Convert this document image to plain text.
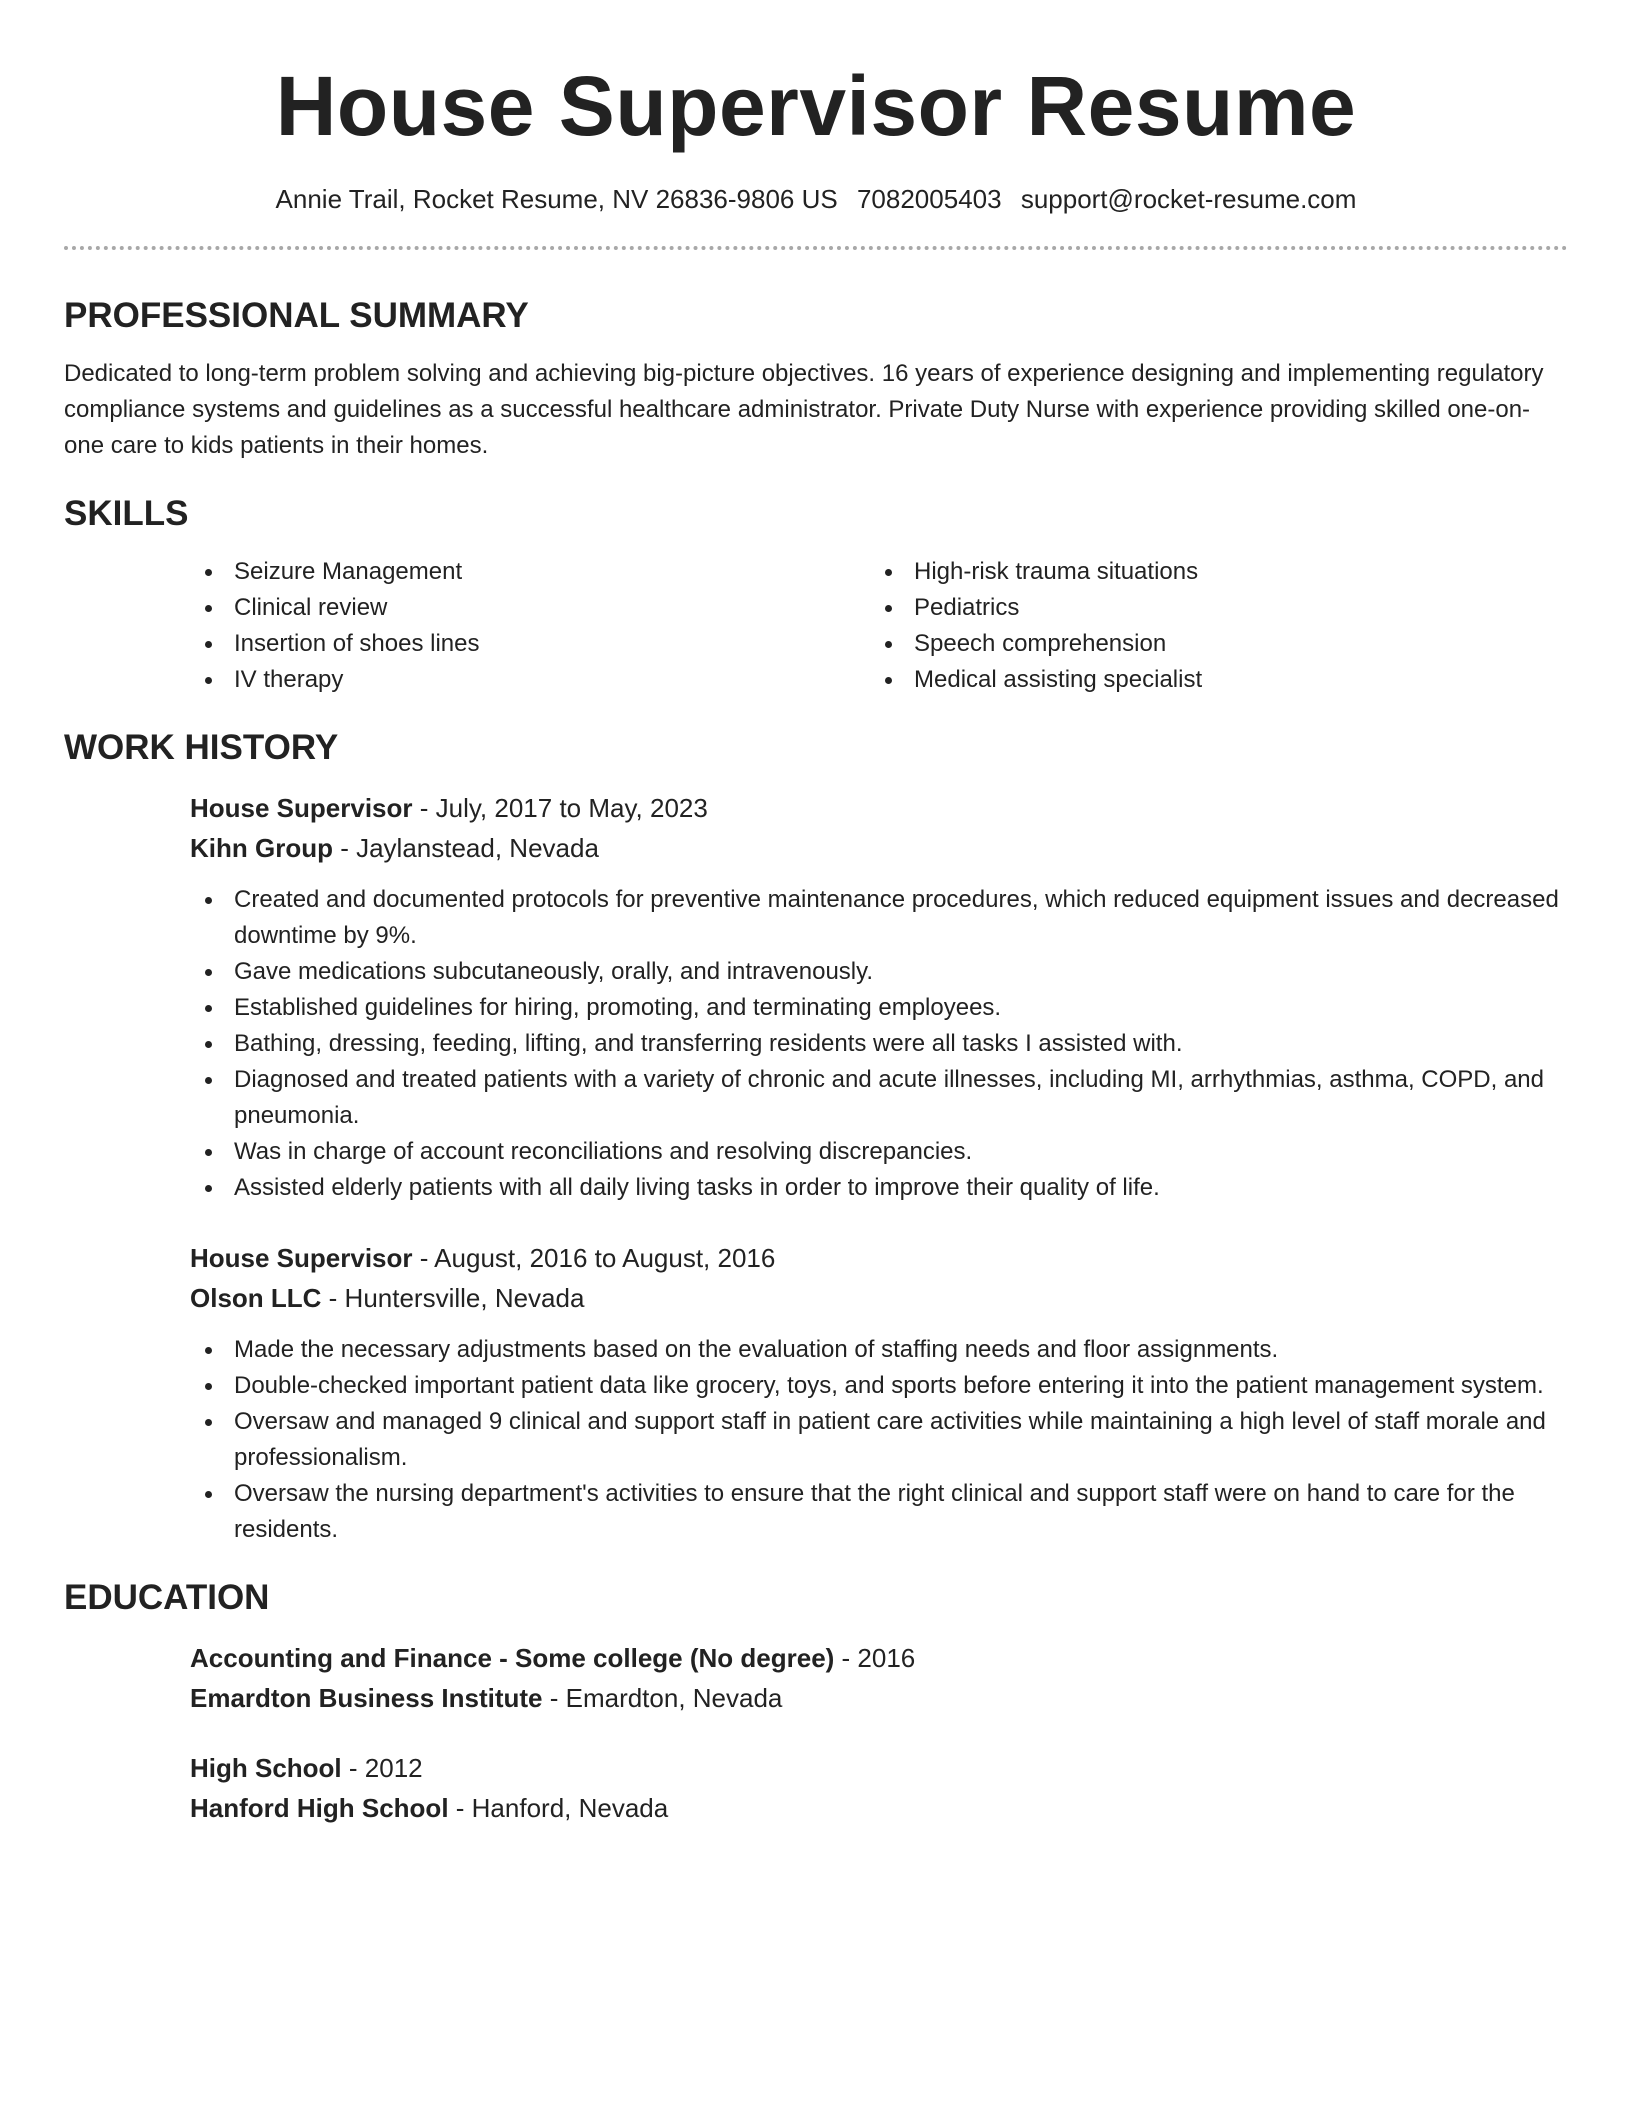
House Supervisor Resume
Annie Trail, Rocket Resume, NV 26836-9806 US 7082005403 support@rocket-resume.com
PROFESSIONAL SUMMARY

Dedicated to long-term problem solving and achieving big-picture objectives. 16 years of experience designing and implementing regulatory compliance systems and guidelines as a successful healthcare administrator. Private Duty Nurse with experience providing skilled one-on-one care to kids patients in their homes.

SKILLS
Seizure Management
Clinical review
Insertion of shoes lines
IV therapy
High-risk trauma situations
Pediatrics
Speech comprehension
Medical assisting specialist
WORK HISTORY
House Supervisor - July, 2017 to May, 2023
Kihn Group - Jaylanstead, Nevada
Created and documented protocols for preventive maintenance procedures, which reduced equipment issues and decreased downtime by 9%.
Gave medications subcutaneously, orally, and intravenously.
Established guidelines for hiring, promoting, and terminating employees.
Bathing, dressing, feeding, lifting, and transferring residents were all tasks I assisted with.
Diagnosed and treated patients with a variety of chronic and acute illnesses, including MI, arrhythmias, asthma, COPD, and pneumonia.
Was in charge of account reconciliations and resolving discrepancies.
Assisted elderly patients with all daily living tasks in order to improve their quality of life.
House Supervisor - August, 2016 to August, 2016
Olson LLC - Huntersville, Nevada
Made the necessary adjustments based on the evaluation of staffing needs and floor assignments.
Double-checked important patient data like grocery, toys, and sports before entering it into the patient management system.
Oversaw and managed 9 clinical and support staff in patient care activities while maintaining a high level of staff morale and professionalism.
Oversaw the nursing department's activities to ensure that the right clinical and support staff were on hand to care for the residents.
EDUCATION
Accounting and Finance - Some college (No degree) - 2016
Emardton Business Institute - Emardton, Nevada
High School - 2012
Hanford High School - Hanford, Nevada
